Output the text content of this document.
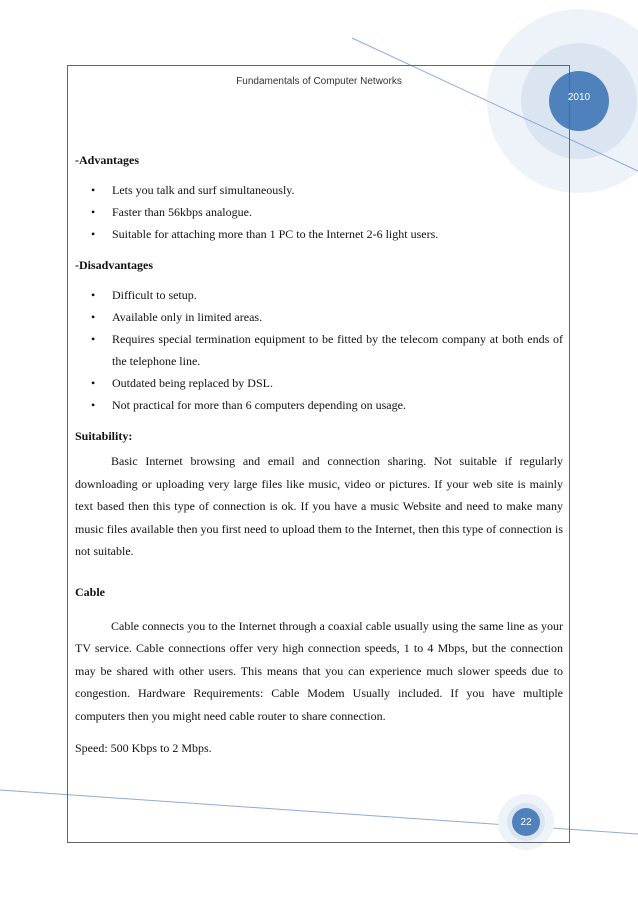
Fundamentals of Computer Networks
2010
22

-Advantages

• Lets you talk and surf simultaneously.
• Faster than 56kbps analogue.
• Suitable for attaching more than 1 PC to the Internet 2-6 light users.

-Disadvantages

• Difficult to setup.
• Available only in limited areas.
• Requires special termination equipment to be fitted by the telecom company at both ends of the telephone line.
• Outdated being replaced by DSL.
• Not practical for more than 6 computers depending on usage.

Suitability:

Basic Internet browsing and email and connection sharing. Not suitable if regularly downloading or uploading very large files like music, video or pictures. If your web site is mainly text based then this type of connection is ok. If you have a music Website and need to make many music files available then you first need to upload them to the Internet, then this type of connection is not suitable.

Cable

Cable connects you to the Internet through a coaxial cable usually using the same line as your TV service. Cable connections offer very high connection speeds, 1 to 4 Mbps, but the connection may be shared with other users. This means that you can experience much slower speeds due to congestion. Hardware Requirements: Cable Modem Usually included. If you have multiple computers then you might need cable router to share connection.

Speed: 500 Kbps to 2 Mbps.
